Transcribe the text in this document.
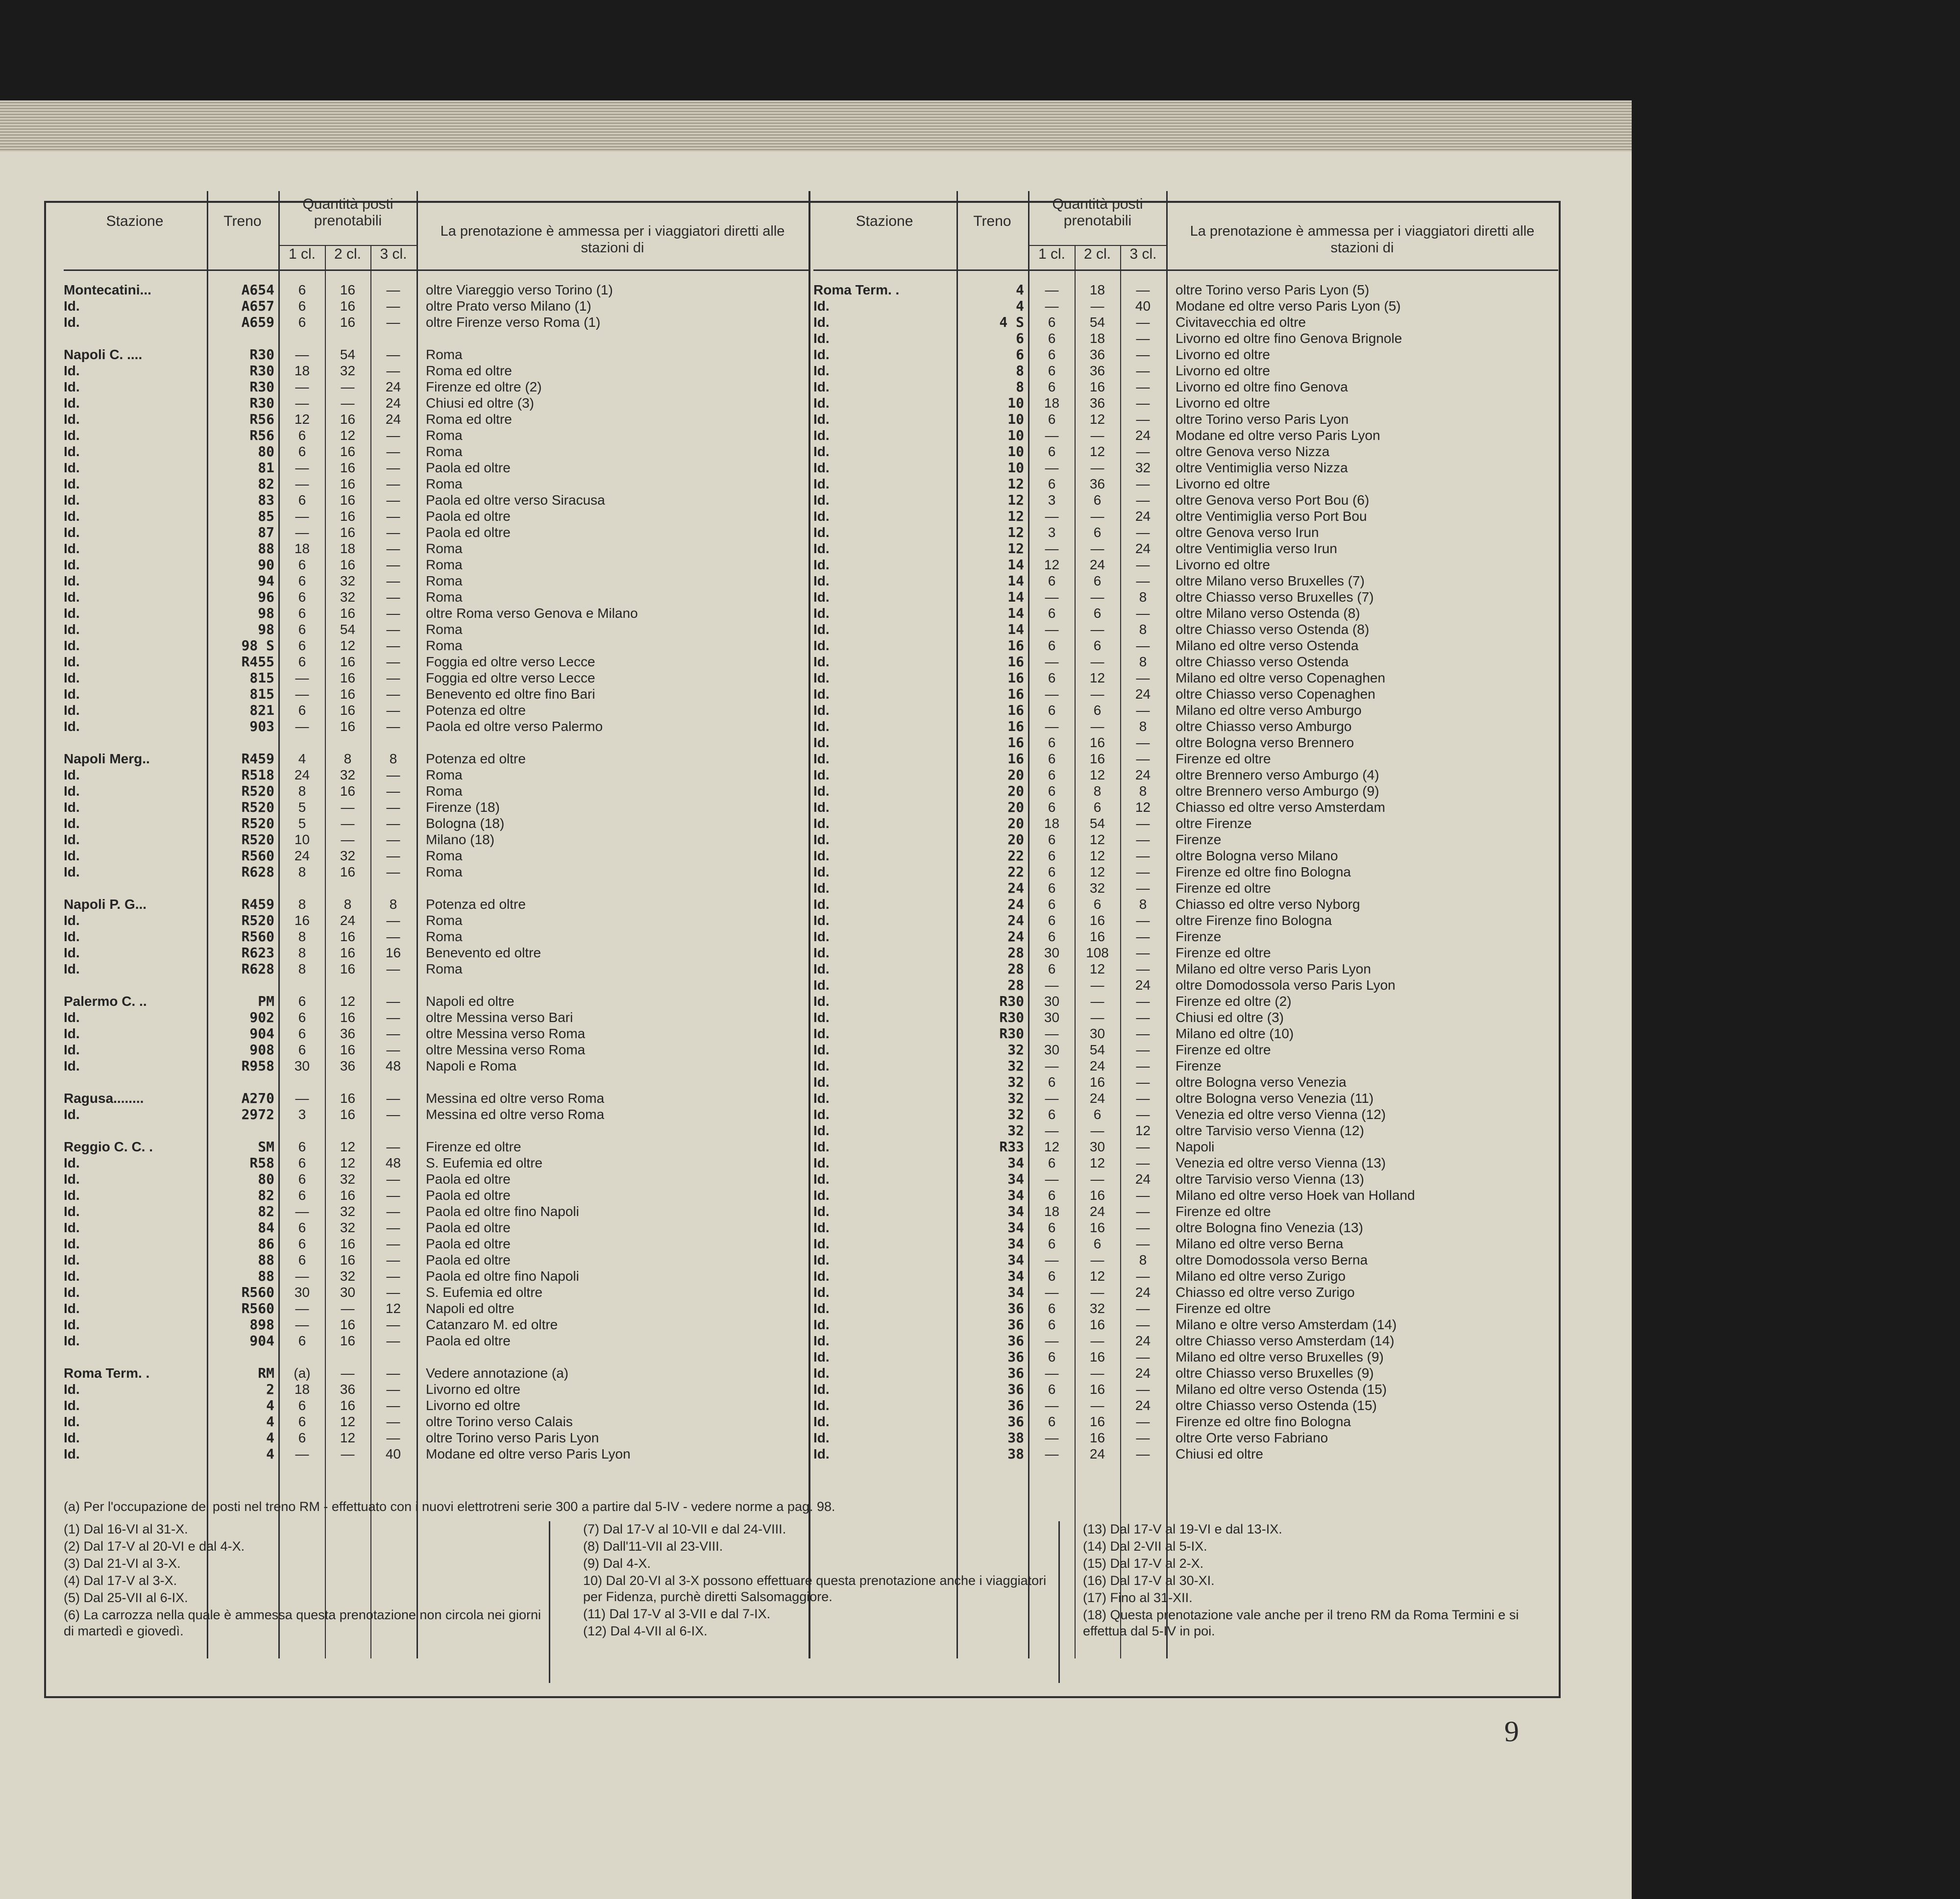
Stazione	Treno
Quantità posti prenotabili
1 cl.	2 cl.	3 cl.
La prenotazione è ammessa per i viaggiatori diretti alle stazioni di
Montecatini...	A654	6	16	—	oltre Viareggio verso Torino (1)
Id.	A657	6	16	—	oltre Prato verso Milano (1)
Id.	A659	6	16	—	oltre Firenze verso Roma (1)

Napoli C. ....	R30	—	54	—	Roma
Id.	R30	18	32	—	Roma ed oltre
Id.	R30	—	—	24	Firenze ed oltre (2)
Id.	R30	—	—	24	Chiusi ed oltre (3)
Id.	R56	12	16	24	Roma ed oltre
Id.	R56	6	12	—	Roma
Id.	80	6	16	—	Roma
Id.	81	—	16	—	Paola ed oltre
Id.	82	—	16	—	Roma
Id.	83	6	16	—	Paola ed oltre verso Siracusa
Id.	85	—	16	—	Paola ed oltre
Id.	87	—	16	—	Paola ed oltre
Id.	88	18	18	—	Roma
Id.	90	6	16	—	Roma
Id.	94	6	32	—	Roma
Id.	96	6	32	—	Roma
Id.	98	6	16	—	oltre Roma verso Genova e Milano
Id.	98	6	54	—	Roma
Id.	98 S	6	12	—	Roma
Id.	R455	6	16	—	Foggia ed oltre verso Lecce
Id.	815	—	16	—	Foggia ed oltre verso Lecce
Id.	815	—	16	—	Benevento ed oltre fino Bari
Id.	821	6	16	—	Potenza ed oltre
Id.	903	—	16	—	Paola ed oltre verso Palermo

Napoli Merg..	R459	4	8	8	Potenza ed oltre
Id.	R518	24	32	—	Roma
Id.	R520	8	16	—	Roma
Id.	R520	5	—	—	Firenze (18)
Id.	R520	5	—	—	Bologna (18)
Id.	R520	10	—	—	Milano (18)
Id.	R560	24	32	—	Roma
Id.	R628	8	16	—	Roma

Napoli P. G...	R459	8	8	8	Potenza ed oltre
Id.	R520	16	24	—	Roma
Id.	R560	8	16	—	Roma
Id.	R623	8	16	16	Benevento ed oltre
Id.	R628	8	16	—	Roma

Palermo C. ..	PM	6	12	—	Napoli ed oltre
Id.	902	6	16	—	oltre Messina verso Bari
Id.	904	6	36	—	oltre Messina verso Roma
Id.	908	6	16	—	oltre Messina verso Roma
Id.	R958	30	36	48	Napoli e Roma

Ragusa........	A270	—	16	—	Messina ed oltre verso Roma
Id.	2972	3	16	—	Messina ed oltre verso Roma

Reggio C. C. .	SM	6	12	—	Firenze ed oltre
Id.	R58	6	12	48	S. Eufemia ed oltre
Id.	80	6	32	—	Paola ed oltre
Id.	82	6	16	—	Paola ed oltre
Id.	82	—	32	—	Paola ed oltre fino Napoli
Id.	84	6	32	—	Paola ed oltre
Id.	86	6	16	—	Paola ed oltre
Id.	88	6	16	—	Paola ed oltre
Id.	88	—	32	—	Paola ed oltre fino Napoli
Id.	R560	30	30	—	S. Eufemia ed oltre
Id.	R560	—	—	12	Napoli ed oltre
Id.	898	—	16	—	Catanzaro M. ed oltre
Id.	904	6	16	—	Paola ed oltre

Roma Term. .	RM	(a)	—	—	Vedere annotazione (a)
Id.	2	18	36	—	Livorno ed oltre
Id.	4	6	16	—	Livorno ed oltre
Id.	4	6	12	—	oltre Torino verso Calais
Id.	4	6	12	—	oltre Torino verso Paris Lyon
Id.	4	—	—	40	Modane ed oltre verso Paris Lyon
Stazione	Treno
Quantità posti prenotabili
1 cl.	2 cl.	3 cl.
La prenotazione è ammessa per i viaggiatori diretti alle stazioni di
Roma Term. .	4	—	18	—	oltre Torino verso Paris Lyon (5)
Id.	4	—	—	40	Modane ed oltre verso Paris Lyon (5)
Id.	4 S	6	54	—	Civitavecchia ed oltre
Id.	6	6	18	—	Livorno ed oltre fino Genova Brignole
Id.	6	6	36	—	Livorno ed oltre
Id.	8	6	36	—	Livorno ed oltre
Id.	8	6	16	—	Livorno ed oltre fino Genova
Id.	10	18	36	—	Livorno ed oltre
Id.	10	6	12	—	oltre Torino verso Paris Lyon
Id.	10	—	—	24	Modane ed oltre verso Paris Lyon
Id.	10	6	12	—	oltre Genova verso Nizza
Id.	10	—	—	32	oltre Ventimiglia verso Nizza
Id.	12	6	36	—	Livorno ed oltre
Id.	12	3	6	—	oltre Genova verso Port Bou (6)
Id.	12	—	—	24	oltre Ventimiglia verso Port Bou
Id.	12	3	6	—	oltre Genova verso Irun
Id.	12	—	—	24	oltre Ventimiglia verso Irun
Id.	14	12	24	—	Livorno ed oltre
Id.	14	6	6	—	oltre Milano verso Bruxelles (7)
Id.	14	—	—	8	oltre Chiasso verso Bruxelles (7)
Id.	14	6	6	—	oltre Milano verso Ostenda (8)
Id.	14	—	—	8	oltre Chiasso verso Ostenda (8)
Id.	16	6	6	—	Milano ed oltre verso Ostenda
Id.	16	—	—	8	oltre Chiasso verso Ostenda
Id.	16	6	12	—	Milano ed oltre verso Copenaghen
Id.	16	—	—	24	oltre Chiasso verso Copenaghen
Id.	16	6	6	—	Milano ed oltre verso Amburgo
Id.	16	—	—	8	oltre Chiasso verso Amburgo
Id.	16	6	16	—	oltre Bologna verso Brennero
Id.	16	6	16	—	Firenze ed oltre
Id.	20	6	12	24	oltre Brennero verso Amburgo (4)
Id.	20	6	8	8	oltre Brennero verso Amburgo (9)
Id.	20	6	6	12	Chiasso ed oltre verso Amsterdam
Id.	20	18	54	—	oltre Firenze
Id.	20	6	12	—	Firenze
Id.	22	6	12	—	oltre Bologna verso Milano
Id.	22	6	12	—	Firenze ed oltre fino Bologna
Id.	24	6	32	—	Firenze ed oltre
Id.	24	6	6	8	Chiasso ed oltre verso Nyborg
Id.	24	6	16	—	oltre Firenze fino Bologna
Id.	24	6	16	—	Firenze
Id.	28	30	108	—	Firenze ed oltre
Id.	28	6	12	—	Milano ed oltre verso Paris Lyon
Id.	28	—	—	24	oltre Domodossola verso Paris Lyon
Id.	R30	30	—	—	Firenze ed oltre (2)
Id.	R30	30	—	—	Chiusi ed oltre (3)
Id.	R30	—	30	—	Milano ed oltre (10)
Id.	32	30	54	—	Firenze ed oltre
Id.	32	—	24	—	Firenze
Id.	32	6	16	—	oltre Bologna verso Venezia
Id.	32	—	24	—	oltre Bologna verso Venezia (11)
Id.	32	6	6	—	Venezia ed oltre verso Vienna (12)
Id.	32	—	—	12	oltre Tarvisio verso Vienna (12)
Id.	R33	12	30	—	Napoli
Id.	34	6	12	—	Venezia ed oltre verso Vienna (13)
Id.	34	—	—	24	oltre Tarvisio verso Vienna (13)
Id.	34	6	16	—	Milano ed oltre verso Hoek van Holland
Id.	34	18	24	—	Firenze ed oltre
Id.	34	6	16	—	oltre Bologna fino Venezia (13)
Id.	34	6	6	—	Milano ed oltre verso Berna
Id.	34	—	—	8	oltre Domodossola verso Berna
Id.	34	6	12	—	Milano ed oltre verso Zurigo
Id.	34	—	—	24	Chiasso ed oltre verso Zurigo
Id.	36	6	32	—	Firenze ed oltre
Id.	36	6	16	—	Milano e oltre verso Amsterdam (14)
Id.	36	—	—	24	oltre Chiasso verso Amsterdam (14)
Id.	36	6	16	—	Milano ed oltre verso Bruxelles (9)
Id.	36	—	—	24	oltre Chiasso verso Bruxelles (9)
Id.	36	6	16	—	Milano ed oltre verso Ostenda (15)
Id.	36	—	—	24	oltre Chiasso verso Ostenda (15)
Id.	36	6	16	—	Firenze ed oltre fino Bologna
Id.	38	—	16	—	oltre Orte verso Fabriano
Id.	38	—	24	—	Chiusi ed oltre
(a) Per l'occupazione dei posti nel treno RM - effettuato con i nuovi elettrotreni serie 300 a partire dal 5-IV - vedere norme a pag. 98.
(1) Dal 16-VI al 31-X.
(2) Dal 17-V al 20-VI e dal 4-X.
(3) Dal 21-VI al 3-X.
(4) Dal 17-V al 3-X.
(5) Dal 25-VII al 6-IX.
(6) La carrozza nella quale è ammessa questa prenotazione non circola nei giorni di martedì e giovedì.
(7) Dal 17-V al 10-VII e dal 24-VIII.
(8) Dall'11-VII al 23-VIII.
(9) Dal 4-X.
10) Dal 20-VI al 3-X possono effettuare questa prenotazione anche i viaggiatori per Fidenza, purchè diretti Salsomaggiore.
(11) Dal 17-V al 3-VII e dal 7-IX.
(12) Dal 4-VII al 6-IX.
(13) Dal 17-V al 19-VI e dal 13-IX.
(14) Dal 2-VII al 5-IX.
(15) Dal 17-V al 2-X.
(16) Dal 17-V al 30-XI.
(17) Fino al 31-XII.
(18) Questa prenotazione vale anche per il treno RM da Roma Termini e si effettua dal 5-IV in poi.
9
